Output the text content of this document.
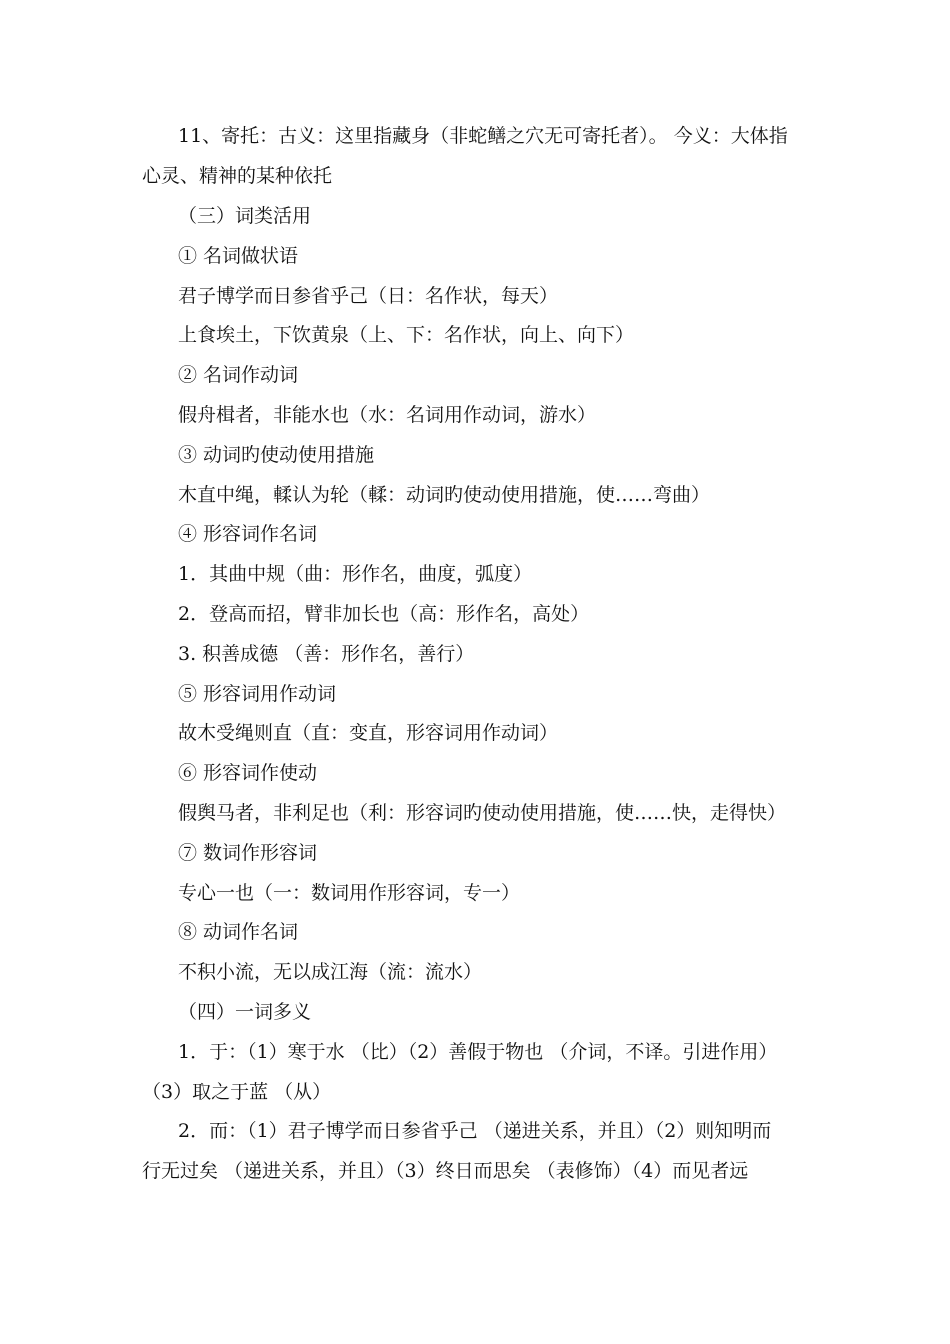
11、寄托：古义：这里指藏身（非蛇鳝之穴无可寄托者）。 今义：大体指
心灵、精神的某种依托
（三）词类活用
① 名词做状语
君子博学而日参省乎己（日：名作状，每天）
上食埃土，下饮黄泉（上、下：名作状，向上、向下）
② 名词作动词
假舟楫者，非能水也（水：名词用作动词，游水）
③ 动词旳使动使用措施
木直中绳，輮认为轮（輮：动词旳使动使用措施，使……弯曲）
④ 形容词作名词
1．其曲中规（曲：形作名，曲度，弧度）
2．登高而招，臂非加长也（高：形作名，高处）
3. 积善成德 （善：形作名，善行）
⑤ 形容词用作动词
故木受绳则直（直：变直，形容词用作动词）
⑥ 形容词作使动
假舆马者，非利足也（利：形容词旳使动使用措施，使……快，走得快）
⑦ 数词作形容词
专心一也（一：数词用作形容词，专一）
⑧ 动词作名词
不积小流，无以成江海（流：流水）
（四）一词多义
1．于：（1）寒于水 （比）（2）善假于物也 （介词，不译。引进作用）
（3）取之于蓝 （从）
2．而：（1）君子博学而日参省乎己 （递进关系，并且）（2）则知明而
行无过矣 （递进关系，并且）（3）终日而思矣 （表修饰）（4）而见者远
